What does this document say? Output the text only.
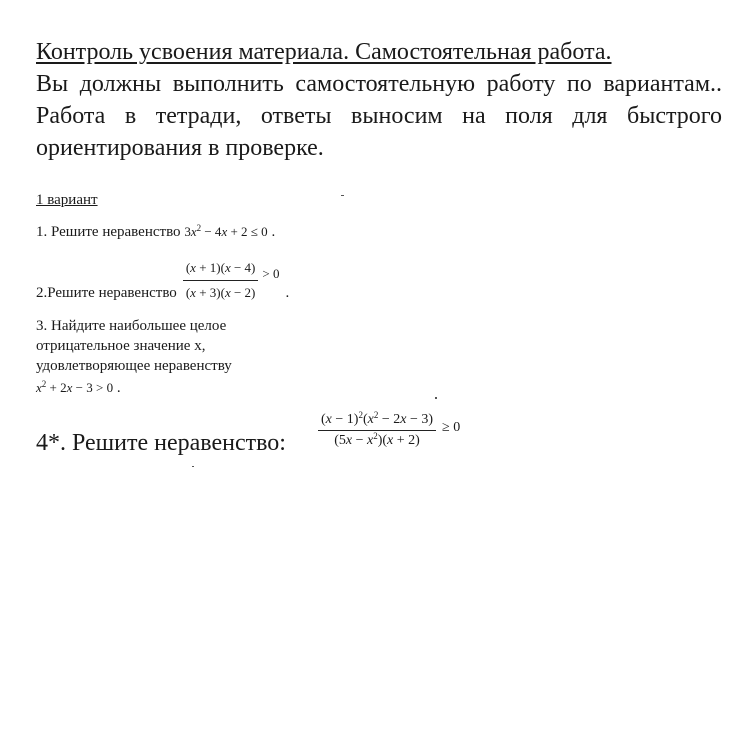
Контроль усвоения материала. Самостоятельная работа.
Вы должны выполнить самостоятельную работу по вариантам.. Работа в тетради, ответы выносим на поля для быстрого ориентирования в проверке.
1 вариант
1. Решите неравенство $3x^2 - 4x + 2 \le 0$ .
2.Решите неравенство $\frac{(x + 1)(x - 4)}{(x + 3)(x - 2)} > 0$
.
3. Найдите наибольшее целое
отрицательное значение х,
удовлетворяющее неравенству
$x^2 + 2x - 3 > 0$ .
4*. Решите неравенство: $\frac{(x - 1)^2(x^2 - 2x - 3)}{(5x - x^2)(x + 2)} \ge 0$
